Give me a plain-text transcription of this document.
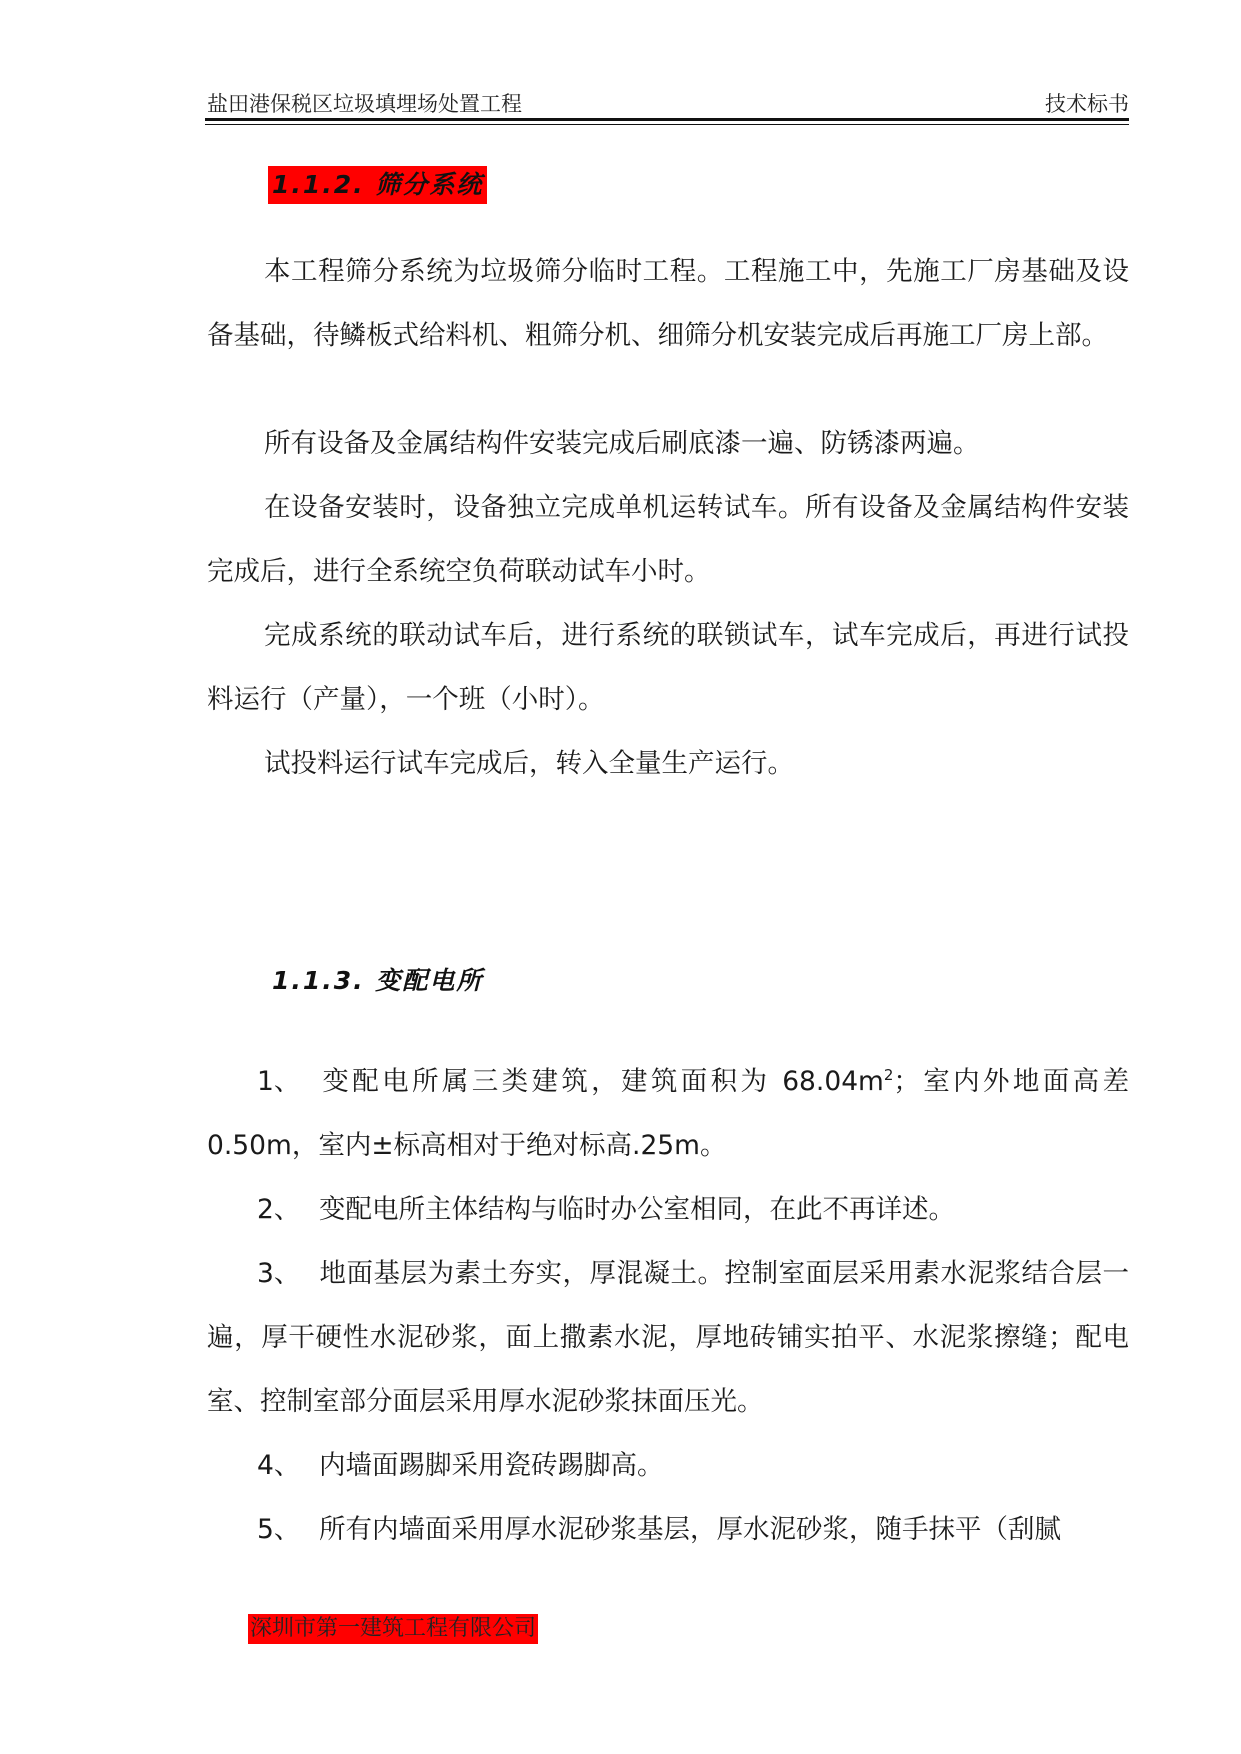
盐田港保税区垃圾填埋场处置工程	技术标书
1.1.2. 筛分系统

本工程筛分系统为垃圾筛分临时工程。工程施工中，先施工厂房基础及设备基础，待鳞板式给料机、粗筛分机、细筛分机安装完成后再施工厂房上部。

所有设备及金属结构件安装完成后刷底漆一遍、防锈漆两遍。

在设备安装时，设备独立完成单机运转试车。所有设备及金属结构件安装完成后，进行全系统空负荷联动试车小时。

完成系统的联动试车后，进行系统的联锁试车，试车完成后，再进行试投料运行（产量），一个班（小时）。

试投料运行试车完成后，转入全量生产运行。

1.1.3. 变配电所

1、 变配电所属三类建筑，建筑面积为 $68.04m^2$；室内外地面高差 0.50m，室内±标高相对于绝对标高.25m。

2、 变配电所主体结构与临时办公室相同，在此不再详述。

3、 地面基层为素土夯实，厚混凝土。控制室面层采用素水泥浆结合层一遍，厚干硬性水泥砂浆，面上撒素水泥，厚地砖铺实拍平、水泥浆擦缝；配电室、控制室部分面层采用厚水泥砂浆抹面压光。

4、 内墙面踢脚采用瓷砖踢脚高。

5、 所有内墙面采用厚水泥砂浆基层，厚水泥砂浆，随手抹平（刮腻

深圳市第一建筑工程有限公司
